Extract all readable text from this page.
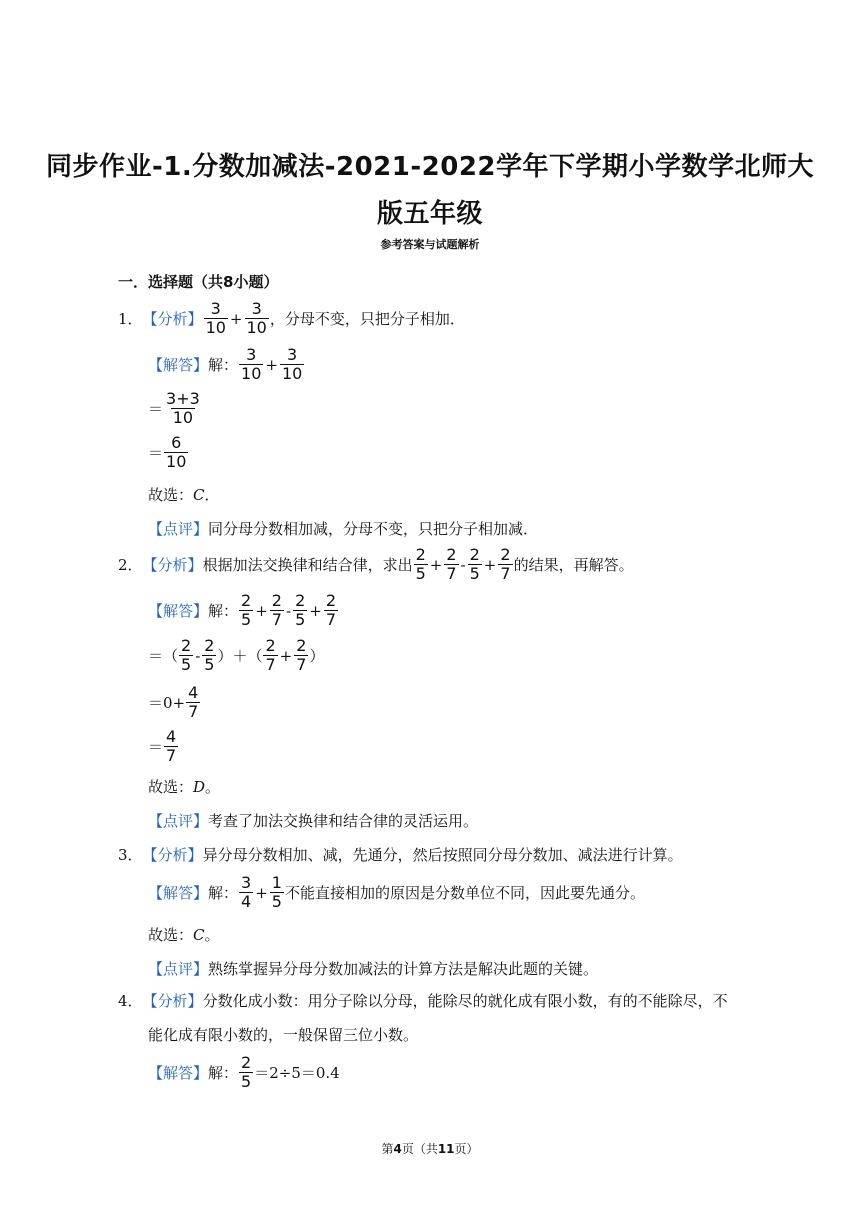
同步作业-1.分数加减法-2021-2022学年下学期小学数学北师大
版五年级
参考答案与试题解析
一．选择题（共8小题）
1． 【分析】 $\frac{3}{10} + \frac{3}{10}$ ，分母不变，只把分子相加．
【解答】 解： $\frac{3}{10} + \frac{3}{10}$
＝ $\frac{3+3}{10}$
＝ $\frac{6}{10}$
故选： C ．
【点评】 同分母分数相加减，分母不变，只把分子相加减．
2． 【分析】 根据加法交换律和结合律，求出 $\frac{2}{5} + \frac{2}{7} - \frac{2}{5} + \frac{2}{7}$ 的结果，再解答。
【解答】 解： $\frac{2}{5} + \frac{2}{7} - \frac{2}{5} + \frac{2}{7}$
＝（ $\frac{2}{5} - \frac{2}{5}$ ）＋（ $\frac{2}{7} + \frac{2}{7}$ ）
$=0+ \frac{4}{7}$
＝ $\frac{4}{7}$
故选： D 。
【点评】 考查了加法交换律和结合律的灵活运用。
3． 【分析】 异分母分数相加、减，先通分，然后按照同分母分数加、减法进行计算。
【解答】 解： $\frac{3}{4} + \frac{1}{5}$ 不能直接相加的原因是分数单位不同，因此要先通分。
故选： C 。
【点评】 熟练掌握异分母分数加减法的计算方法是解决此题的关键。
4． 【分析】 分数化成小数：用分子除以分母，能除尽的就化成有限小数，有的不能除尽，不
能化成有限小数的，一般保留三位小数。
【解答】 解： $\frac{2}{5} =2\div 5=0.4$
第4页（共11页）
